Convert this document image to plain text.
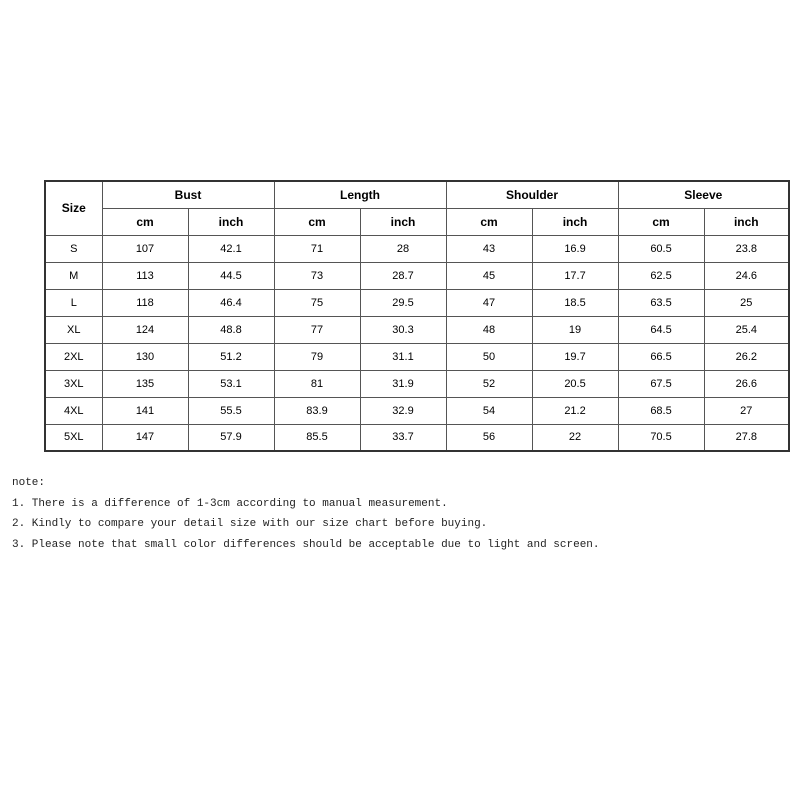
Size	Bust		Length		Shoulder		Sleeve	
	cm	inch	cm	inch	cm	inch	cm	inch
S	107	42.1	71	28	43	16.9	60.5	23.8
M	113	44.5	73	28.7	45	17.7	62.5	24.6
L	118	46.4	75	29.5	47	18.5	63.5	25
XL	124	48.8	77	30.3	48	19	64.5	25.4
2XL	130	51.2	79	31.1	50	19.7	66.5	26.2
3XL	135	53.1	81	31.9	52	20.5	67.5	26.6
4XL	141	55.5	83.9	32.9	54	21.2	68.5	27
5XL	147	57.9	85.5	33.7	56	22	70.5	27.8
note:
1. There is a difference of 1-3cm according to manual measurement.
2. Kindly to compare your detail size with our size chart before buying.
3. Please note that small color differences should be acceptable due to light and screen.
